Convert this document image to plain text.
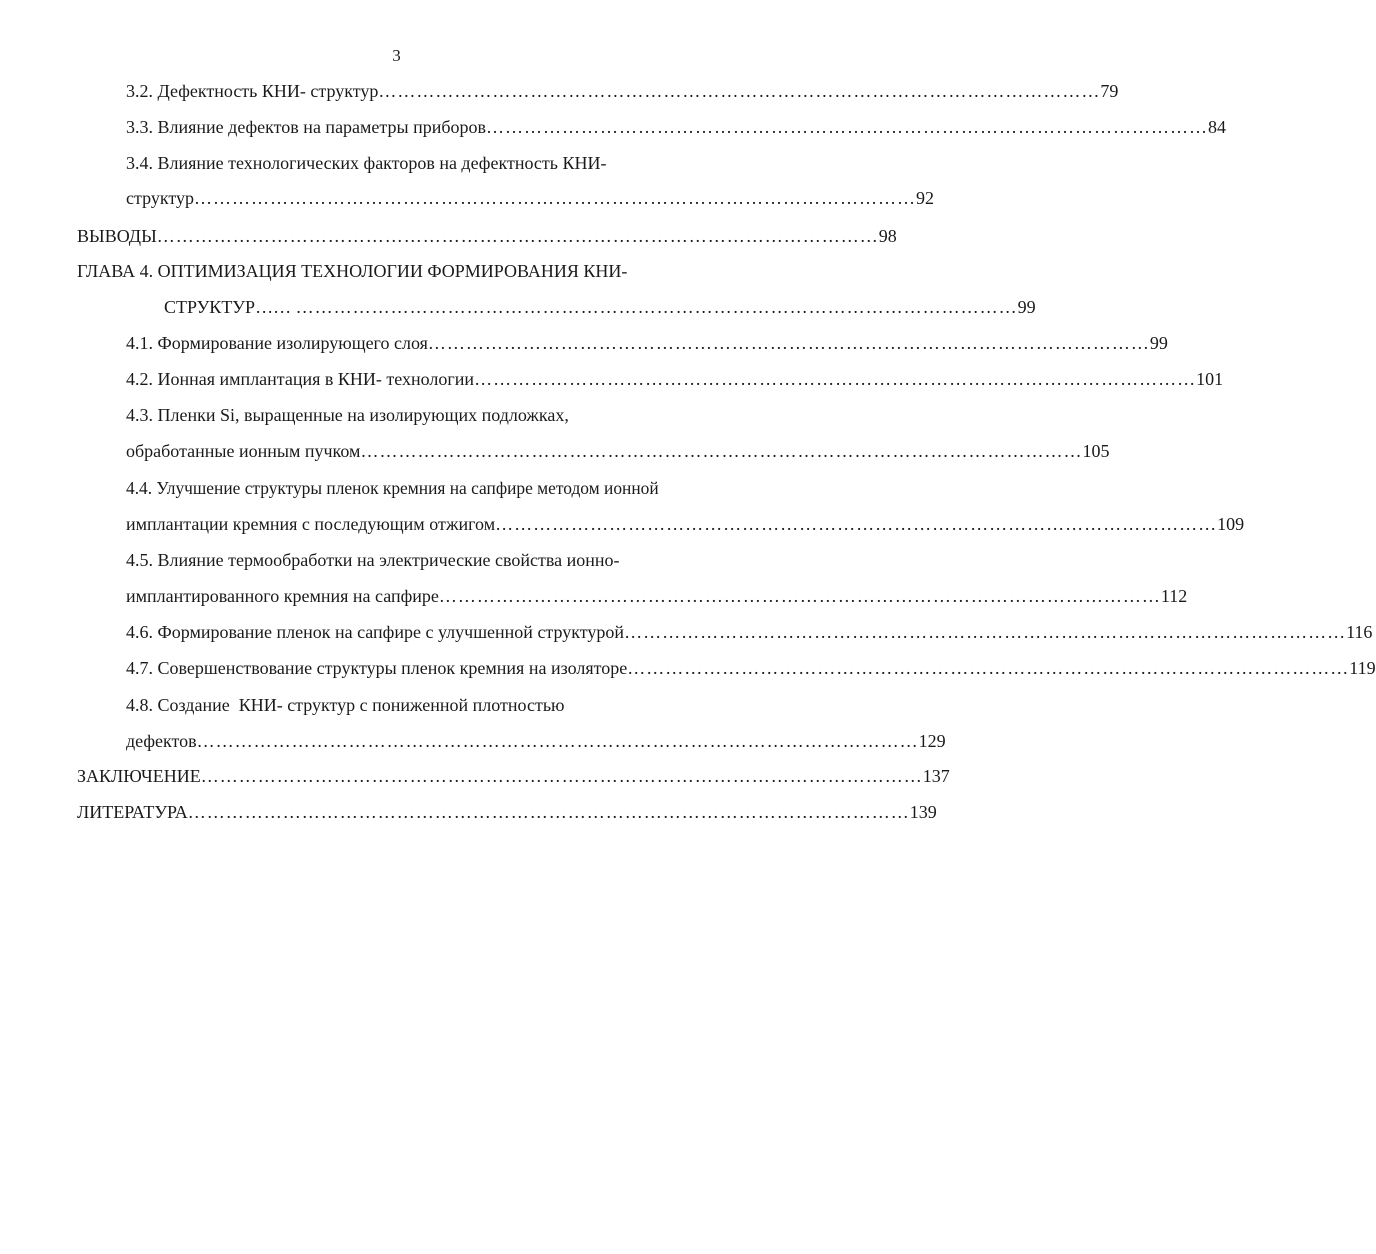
3
3.2. Дефектность КНИ- структур …………………………………………………………………………………………………… 79
3.3. Влияние дефектов на параметры приборов …………………………………………………………………………………………………… 84
3.4. Влияние технологических факторов на дефектность КНИ-
структур …………………………………………………………………………………………………… 92
ВЫВОДЫ …………………………………………………………………………………………………… 98
ГЛАВА 4. ОПТИМИЗАЦИЯ ТЕХНОЛОГИИ ФОРМИРОВАНИЯ КНИ-
СТРУКТУР…… …………………………………………………………………………………………………… 99
4.1. Формирование изолирующего слоя …………………………………………………………………………………………………… 99
4.2. Ионная имплантация в КНИ- технологии …………………………………………………………………………………………………… 101
4.3. Пленки Si, выращенные на изолирующих подложках,
обработанные ионным пучком …………………………………………………………………………………………………… 105
4.4. Улучшение структуры пленок кремния на сапфире методом ионной
имплантации кремния с последующим отжигом …………………………………………………………………………………………………… 109
4.5. Влияние термообработки на электрические свойства ионно-
имплантированного кремния на сапфире …………………………………………………………………………………………………… 112
4.6. Формирование пленок на сапфире с улучшенной структурой …………………………………………………………………………………………………… 116
4.7. Совершенствование структуры пленок кремния на изоляторе …………………………………………………………………………………………………… 119
4.8. Создание  КНИ- структур с пониженной плотностью
дефектов …………………………………………………………………………………………………… 129
ЗАКЛЮЧЕНИЕ …………………………………………………………………………………………………… 137
ЛИТЕРАТУРА …………………………………………………………………………………………………… 139
